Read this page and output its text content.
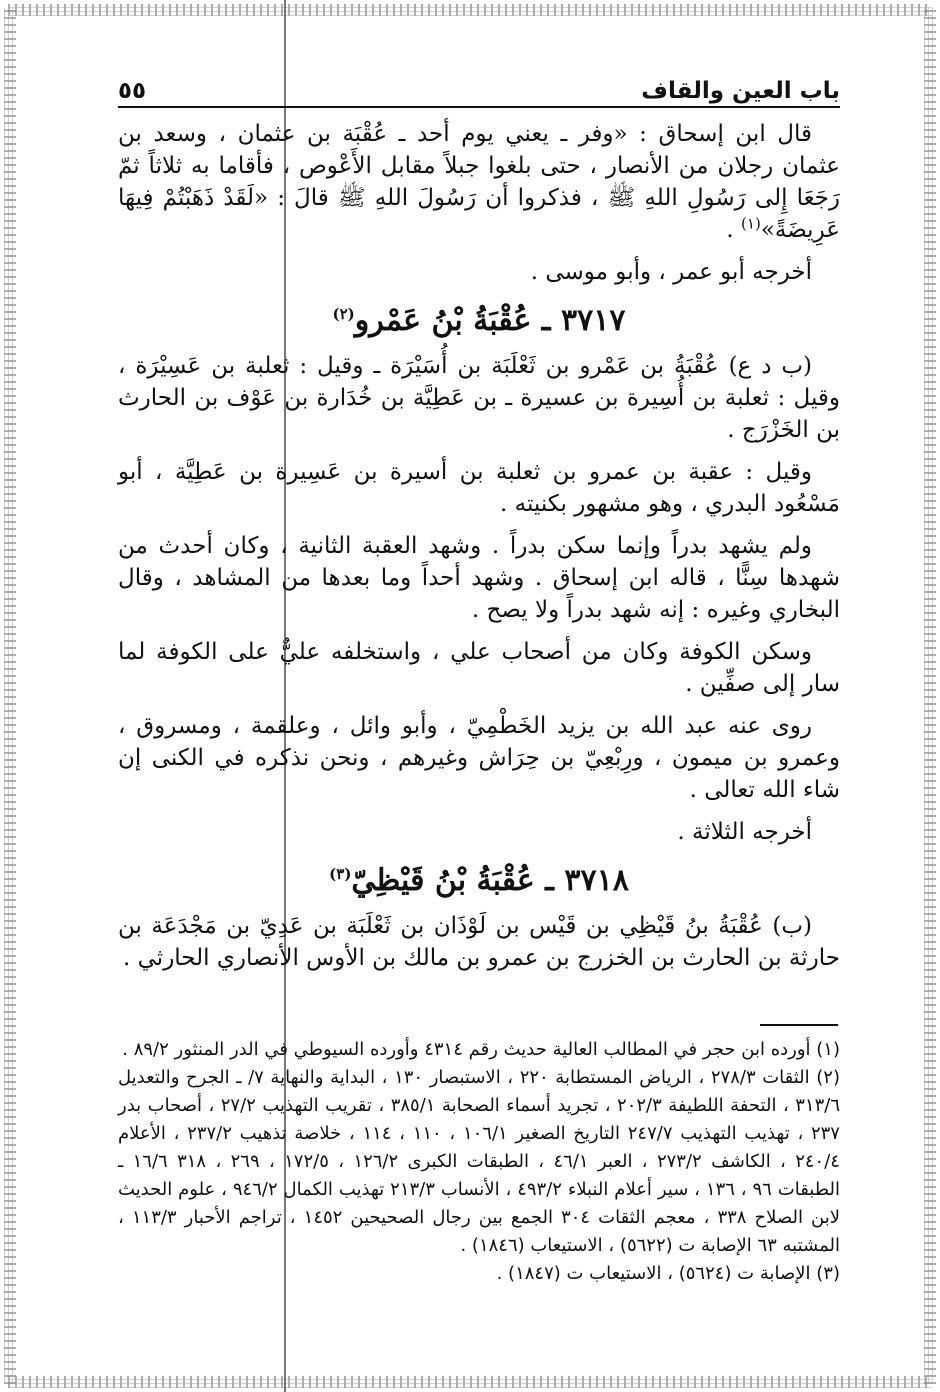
باب العين والقاف
٥٥

قال ابن إسحاق : «وفر ـ يعني يوم أحد ـ عُقْبَة بن عثمان ، وسعد بن عثمان رجلان من الأنصار ، حتى بلغوا جبلاً مقابل الأَعْوص ، فأقاما به ثلاثاً ثمّ رَجَعَا إِلى رَسُولِ اللهِ ﷺ ، فذكروا أن رَسُولَ اللهِ ﷺ قالَ : «لَقَدْ ذَهَبْتُمْ فِيهَا عَرِيضَةً»$^{(١)}$ .

أخرجه أبو عمر ، وأبو موسى .

٣٧١٧ ـ عُقْبَةُ بْنُ عَمْرو$^{(٢)}$

(ب د ع) عُقْبَةُ بن عَمْرو بن ثَعْلَبَة بن أُسَيْرَة ـ وقيل : ثعلبة بن عَسِيْرَة ، وقيل : ثعلبة بن أُسِيرة بن عسيرة ـ بن عَطِيَّة بن خُدَارة بن عَوْف بن الحارث بن الخَزْرَج .

وقيل : عقبة بن عمرو بن ثعلبة بن أسيرة بن عَسِيرة بن عَطِيَّة ، أبو مَسْعُود البدري ، وهو مشهور بكنيته .

ولم يشهد بدراً وإنما سكن بدراً . وشهد العقبة الثانية ، وكان أحدث من شهدها سِنًّا ، قاله ابن إسحاق . وشهد أحداً وما بعدها من المشاهد ، وقال البخاري وغيره : إنه شهد بدراً ولا يصح .

وسكن الكوفة وكان من أصحاب علي ، واستخلفه عليٌّ على الكوفة لما سار إلى صفِّين .

روى عنه عبد الله بن يزيد الخَطْمِيّ ، وأبو وائل ، وعلقمة ، ومسروق ، وعمرو بن ميمون ، ورِبْعِيّ بن حِرَاش وغيرهم ، ونحن نذكره في الكنى إن شاء الله تعالى .

أخرجه الثلاثة .

٣٧١٨ ـ عُقْبَةُ بْنُ قَيْظِيّ$^{(٣)}$

(ب) عُقْبَةُ بنُ قَيْظِي بن قَيْس بن لَوْذَان بن ثَعْلَبَة بن عَدِيّ بن مَجْدَعَة بن حارثة بن الحارث بن الخزرج بن عمرو بن مالك بن الأوس الأنصاري الحارثي .

(١) أورده ابن حجر في المطالب العالية حديث رقم ٤٣١٤ وأورده السيوطي في الدر المنثور ٨٩/٢ .

(٢) الثقات ٢٧٨/٣ ، الرياض المستطابة ٢٢٠ ، الاستبصار ١٣٠ ، البداية والنهاية ٧/ ـ الجرح والتعديل ٣١٣/٦ ، التحفة اللطيفة ٢٠٢/٣ ، تجريد أسماء الصحابة ٣٨٥/١ ، تقريب التهذيب ٢٧/٢ ، أصحاب بدر ٢٣٧ ، تهذيب التهذيب ٢٤٧/٧ التاريخ الصغير ١٠٦/١ ، ١١٠ ، ١١٤ ، خلاصة تذهيب ٢٣٧/٢ ، الأعلام ٢٤٠/٤ ، الكاشف ٢٧٣/٢ ، العبر ٤٦/١ ، الطبقات الكبرى ١٢٦/٢ ، ١٧٢/٥ ، ٢٦٩ ، ٣١٨ ١٦/٦ ـ الطبقات ٩٦ ، ١٣٦ ، سير أعلام النبلاء ٤٩٣/٢ ، الأنساب ٢١٣/٣ تهذيب الكمال ٩٤٦/٢ ، علوم الحديث لابن الصلاح ٣٣٨ ، معجم الثقات ٣٠٤ الجمع بين رجال الصحيحين ١٤٥٢ ، تراجم الأحبار ١١٣/٣ ، المشتبه ٦٣ الإصابة ت (٥٦٢٢) ، الاستيعاب (١٨٤٦) .

(٣) الإصابة ت (٥٦٢٤) ، الاستيعاب ت (١٨٤٧) .
